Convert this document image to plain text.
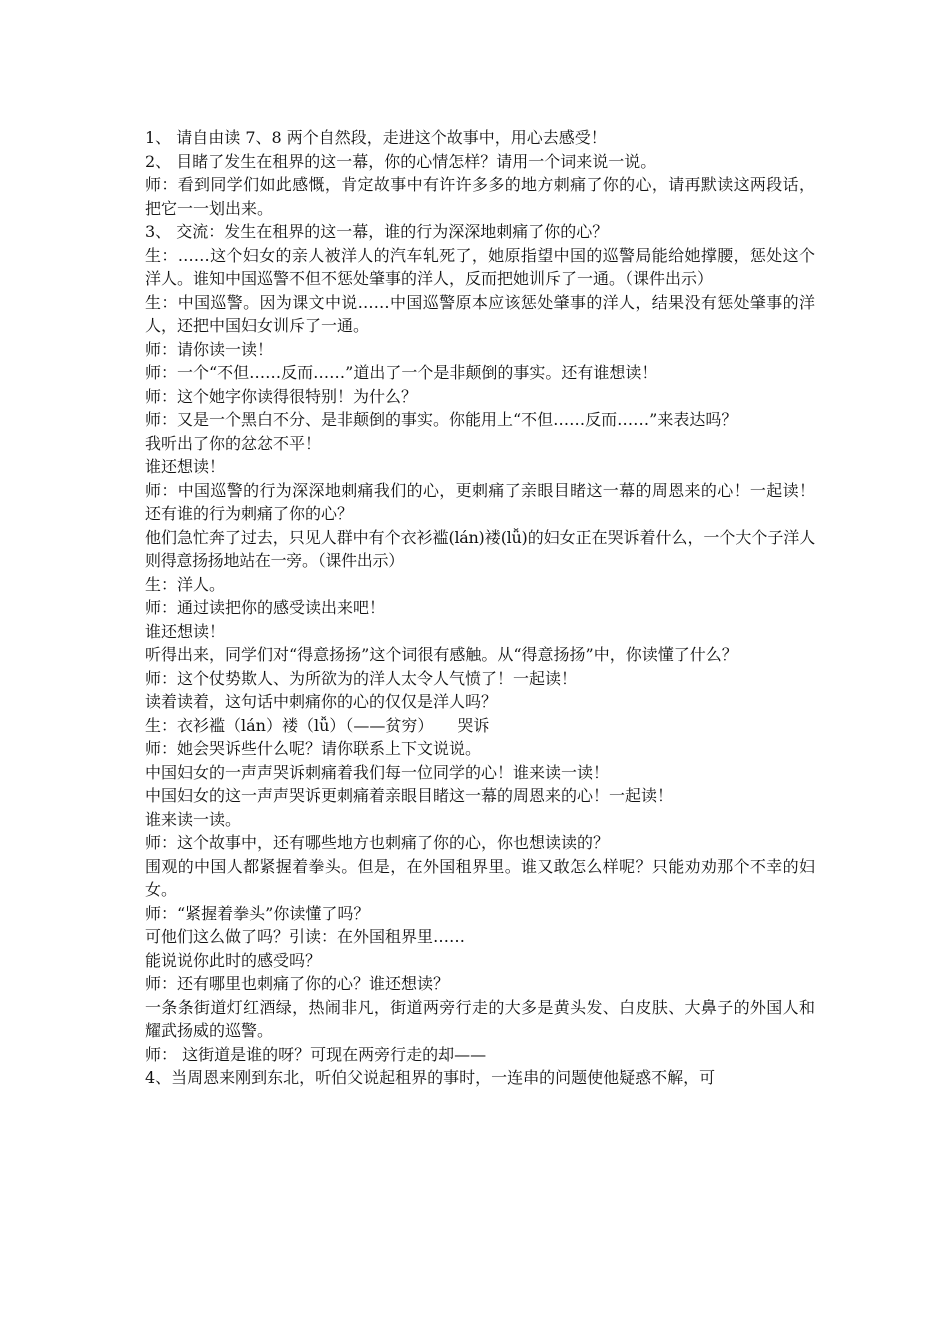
1、 请自由读 7、8 两个自然段，走进这个故事中，用心去感受！

2、 目睹了发生在租界的这一幕，你的心情怎样？请用一个词来说一说。

师：看到同学们如此感慨，肯定故事中有许许多多的地方刺痛了你的心，请再默读这两段话，把它一一划出来。

3、 交流：发生在租界的这一幕，谁的行为深深地刺痛了你的心？

生：……这个妇女的亲人被洋人的汽车轧死了，她原指望中国的巡警局能给她撑腰，惩处这个洋人。谁知中国巡警不但不惩处肇事的洋人，反而把她训斥了一通。（课件出示）

生：中国巡警。因为课文中说……中国巡警原本应该惩处肇事的洋人，结果没有惩处肇事的洋人，还把中国妇女训斥了一通。

师：请你读一读！

师：一个“不但……反而……”道出了一个是非颠倒的事实。还有谁想读！

师：这个她字你读得很特别！为什么？

师：又是一个黑白不分、是非颠倒的事实。你能用上“不但……反而……”来表达吗？

我听出了你的忿忿不平！

谁还想读！

师：中国巡警的行为深深地刺痛我们的心，更刺痛了亲眼目睹这一幕的周恩来的心！一起读！还有谁的行为刺痛了你的心？

他们急忙奔了过去，只见人群中有个衣衫褴(lán)褛(lǚ)的妇女正在哭诉着什么，一个大个子洋人则得意扬扬地站在一旁。（课件出示）

生：洋人。

师：通过读把你的感受读出来吧！

谁还想读！

听得出来，同学们对“得意扬扬”这个词很有感触。从“得意扬扬”中，你读懂了什么？

师：这个仗势欺人、为所欲为的洋人太令人气愤了！一起读！

读着读着，这句话中刺痛你的心的仅仅是洋人吗？

生：衣衫褴（lán）褛（lǚ）（——贫穷）　　哭诉

师：她会哭诉些什么呢？请你联系上下文说说。

中国妇女的一声声哭诉刺痛着我们每一位同学的心！谁来读一读！

中国妇女的这一声声哭诉更刺痛着亲眼目睹这一幕的周恩来的心！一起读！

谁来读一读。

师：这个故事中，还有哪些地方也刺痛了你的心，你也想读读的？

围观的中国人都紧握着拳头。但是，在外国租界里。谁又敢怎么样呢？只能劝劝那个不幸的妇女。

师：“紧握着拳头”你读懂了吗？

可他们这么做了吗？引读：在外国租界里……

能说说你此时的感受吗？

师：还有哪里也刺痛了你的心？谁还想读？

一条条街道灯红酒绿，热闹非凡，街道两旁行走的大多是黄头发、白皮肤、大鼻子的外国人和耀武扬威的巡警。

师： 这街道是谁的呀？可现在两旁行走的却——

4、当周恩来刚到东北，听伯父说起租界的事时，一连串的问题使他疑惑不解，可
